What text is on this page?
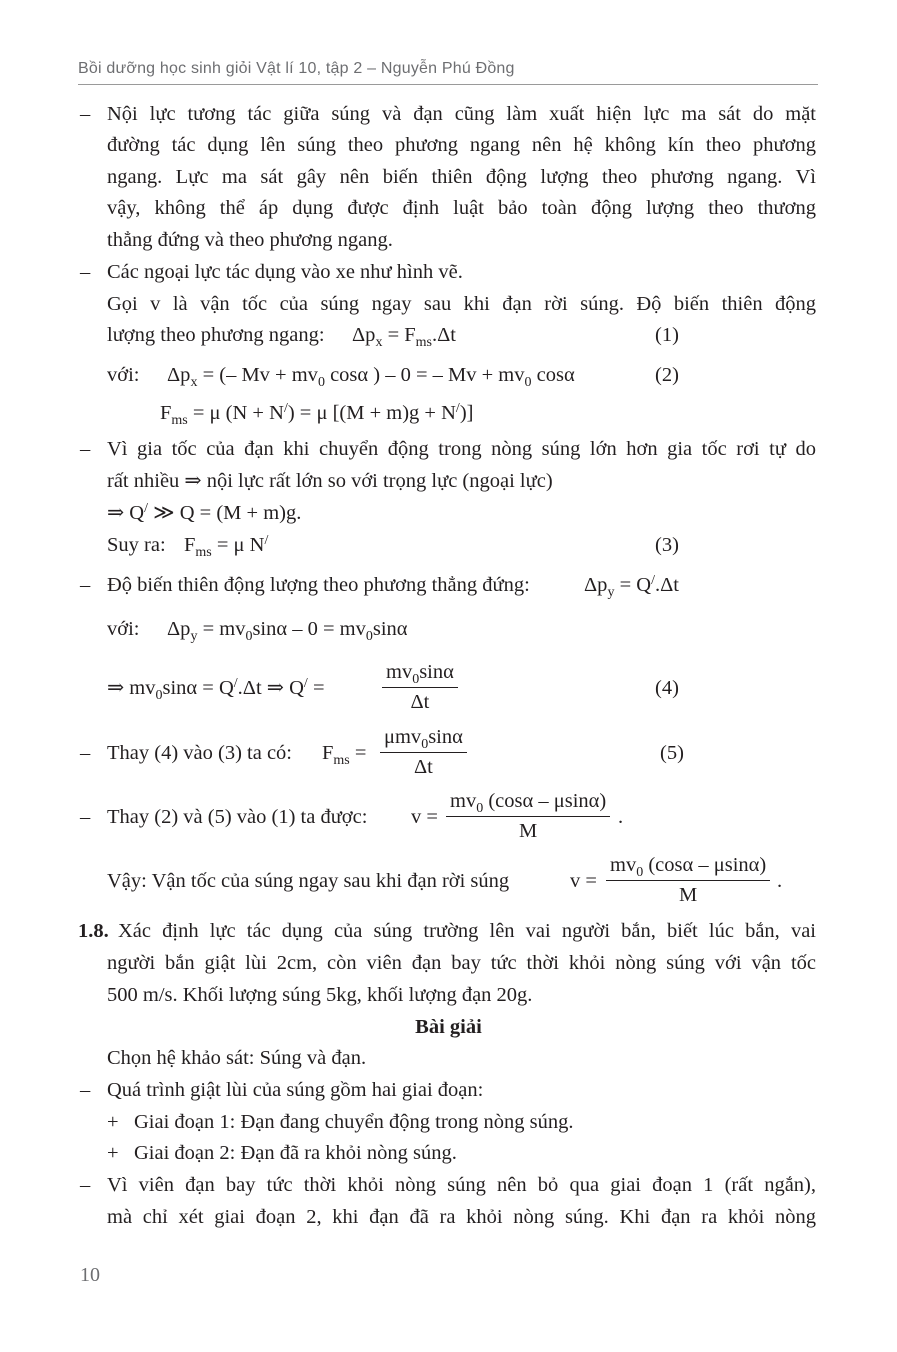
Bồi dưỡng học sinh giỏi Vật lí 10, tập 2 – Nguyễn Phú Đồng
– Nội lực tương tác giữa súng và đạn cũng làm xuất hiện lực ma sát do mặt
đường tác dụng lên súng theo phương ngang nên hệ không kín theo phương
ngang. Lực ma sát gây nên biến thiên động lượng theo phương ngang. Vì
vậy, không thể áp dụng được định luật bảo toàn động lượng theo thương
thẳng đứng và theo phương ngang.
– Các ngoại lực tác dụng vào xe như hình vẽ.
Gọi v là vận tốc của súng ngay sau khi đạn rời súng. Độ biến thiên động
lượng theo phương ngang: $\Delta p_x = F_{ms}.\Delta t$	(1)
với: $\Delta p_x$ = (– $Mv + mv_0$ cosα ) – 0 = – $Mv + mv_0$ cosα	(2)
$F_{ms} = \mu$ (N + N/) = μ [(M + m)g + N/)]
– Vì gia tốc của đạn khi chuyển động trong nòng súng lớn hơn gia tốc rơi tự do
rất nhiều ⇒ nội lực rất lớn so với trọng lực (ngoại lực)
⇒ Q/ ≫ Q = (M + m)g.
Suy ra: $F_{ms} = \mu$ N/	(3)
– Độ biến thiên động lượng theo phương thẳng đứng:	$\Delta p_y = Q^/.\Delta t$
với: $\Delta p_y = mv_0\sin\alpha - 0 = mv_0\sin\alpha$
⇒ $mv_0\sin\alpha = Q^/.\Delta t$ ⇒ Q/ =	$\frac{mv_0\sin\alpha}{\Delta t}$	(4)
– Thay (4) vào (3) ta có: $F_{ms}$ =
μmv$_0$sinα
Δt
(5)
– Thay (2) và (5) vào (1) ta được: $v = \frac{mv_0 (\cos\alpha - \mu\sin\alpha)}{M}$ .
Vậy: Vận tốc của súng ngay sau khi đạn rời súng	$v = \frac{mv_0 (\cos\alpha - \mu\sin\alpha)}{M}$ .
1.8. Xác định lực tác dụng của súng trường lên vai người bắn, biết lúc bắn, vai
người bắn giật lùi 2cm, còn viên đạn bay tức thời khỏi nòng súng với vận tốc
500 m/s. Khối lượng súng 5kg, khối lượng đạn 20g.
Bài giải
Chọn hệ khảo sát: Súng và đạn.
– Quá trình giật lùi của súng gồm hai giai đoạn:
+ Giai đoạn 1: Đạn đang chuyển động trong nòng súng.
+ Giai đoạn 2: Đạn đã ra khỏi nòng súng.
– Vì viên đạn bay tức thời khỏi nòng súng nên bỏ qua giai đoạn 1 (rất ngắn),
mà chỉ xét giai đoạn 2, khi đạn đã ra khỏi nòng súng. Khi đạn ra khỏi nòng
10
